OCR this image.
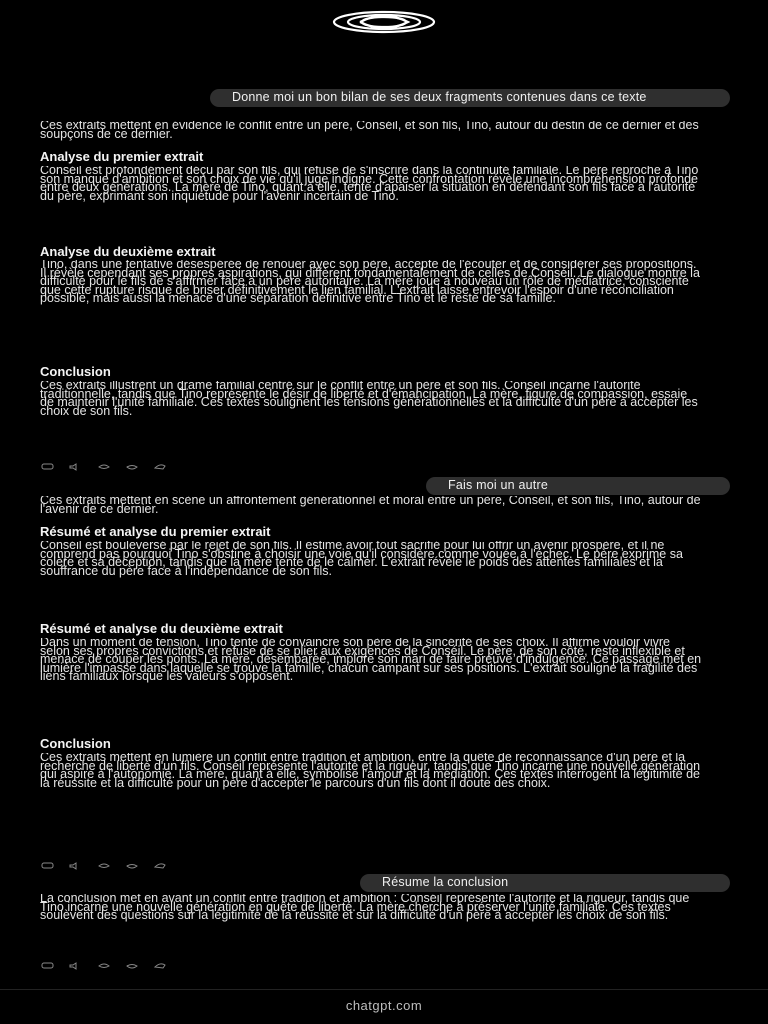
Donne moi un bon bilan de ses deux fragments contenues dans ce texte

Ces extraits mettent en évidence le conflit entre un père, Conséil, et son fils, Tino, autour du destin de ce dernier et des soupçons de ce dernier.

Analyse du premier extrait

Conséil est profondément déçu par son fils, qui refuse de s'inscrire dans la continuité familiale. Le père reproche à Tino son manque d'ambition et son choix de vie qu'il juge indigne. Cette confrontation révèle une incompréhension profonde entre deux générations. La mère de Tino, quant à elle, tente d'apaiser la situation en défendant son fils face à l'autorité du père, exprimant son inquiétude pour l'avenir incertain de Tino.

Analyse du deuxième extrait

Tino, dans une tentative désespérée de renouer avec son père, accepte de l'écouter et de considérer ses propositions. Il révèle cependant ses propres aspirations, qui diffèrent fondamentalement de celles de Conséil. Le dialogue montre la difficulté pour le fils de s'affirmer face à un père autoritaire. La mère joue à nouveau un rôle de médiatrice, consciente que cette rupture risque de briser définitivement le lien familial. L'extrait laisse entrevoir l'espoir d'une réconciliation possible, mais aussi la menace d'une séparation définitive entre Tino et le reste de sa famille.

Conclusion

Ces extraits illustrent un drame familial centré sur le conflit entre un père et son fils. Conséil incarne l'autorité traditionnelle, tandis que Tino représente le désir de liberté et d'émancipation. La mère, figure de compassion, essaie de maintenir l'unité familiale. Ces textes soulignent les tensions générationnelles et la difficulté d'un père à accepter les choix de son fils.

Fais moi un autre

Ces extraits mettent en scène un affrontement générationnel et moral entre un père, Conséil, et son fils, Tino, autour de l'avenir de ce dernier.

Résumé et analyse du premier extrait

Conséil est bouleversé par le rejet de son fils. Il estime avoir tout sacrifié pour lui offrir un avenir prospère, et il ne comprend pas pourquoi Tino s'obstine à choisir une voie qu'il considère comme vouée à l'échec. Le père exprime sa colère et sa déception, tandis que la mère tente de le calmer. L'extrait révèle le poids des attentes familiales et la souffrance du père face à l'indépendance de son fils.

Résumé et analyse du deuxième extrait

Dans un moment de tension, Tino tente de convaincre son père de la sincérité de ses choix. Il affirme vouloir vivre selon ses propres convictions et refuse de se plier aux exigences de Conséil. Le père, de son côté, reste inflexible et menace de couper les ponts. La mère, désemparée, implore son mari de faire preuve d'indulgence. Ce passage met en lumière l'impasse dans laquelle se trouve la famille, chacun campant sur ses positions. L'extrait souligne la fragilité des liens familiaux lorsque les valeurs s'opposent.

Conclusion

Ces extraits mettent en lumière un conflit entre tradition et ambition, entre la quête de reconnaissance d'un père et la recherche de liberté d'un fils. Conséil représente l'autorité et la rigueur, tandis que Tino incarne une nouvelle génération qui aspire à l'autonomie. La mère, quant à elle, symbolise l'amour et la médiation. Ces textes interrogent la légitimité de la réussite et la difficulté pour un père d'accepter le parcours d'un fils dont il doute des choix.

Résume la conclusion

La conclusion met en avant un conflit entre tradition et ambition : Conséil représente l'autorité et la rigueur, tandis que Tino incarne une nouvelle génération en quête de liberté. La mère cherche à préserver l'unité familiale. Ces textes soulèvent des questions sur la légitimité de la réussite et sur la difficulté d'un père à accepter les choix de son fils.

chatgpt.com
